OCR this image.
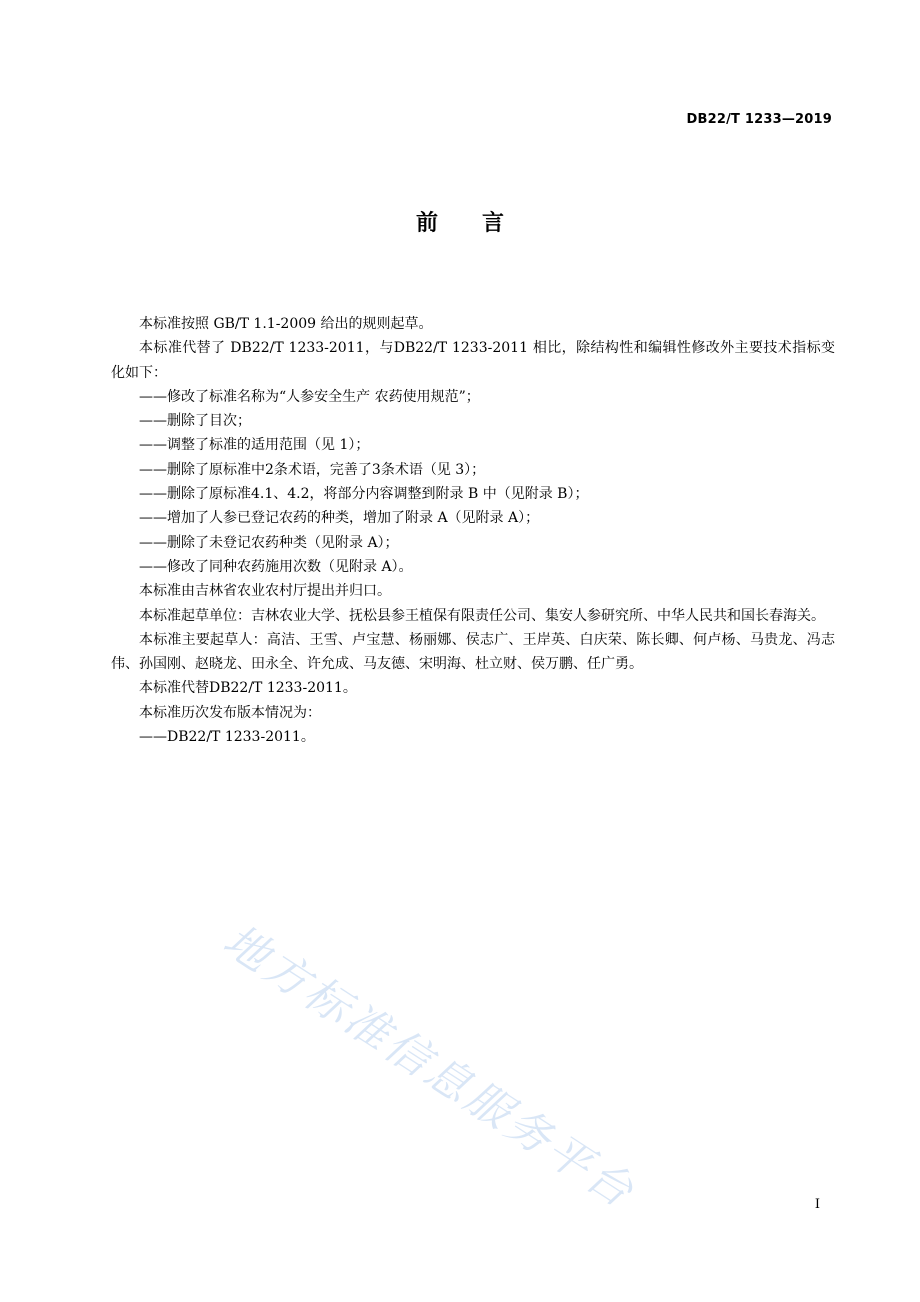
DB22/T 1233—2019
前言

本标准按照 GB/T 1.1-2009 给出的规则起草。

本标准代替了 DB22/T 1233-2011，与DB22/T 1233-2011 相比，除结构性和编辑性修改外主要技术指标变化如下：

——修改了标准名称为“人参安全生产 农药使用规范”；

——删除了目次；

——调整了标准的适用范围（见 1）；

——删除了原标准中2条术语，完善了3条术语（见 3）；

——删除了原标准4.1、4.2，将部分内容调整到附录 B 中（见附录 B）；

——增加了人参已登记农药的种类，增加了附录 A（见附录 A）；

——删除了未登记农药种类（见附录 A）；

——修改了同种农药施用次数（见附录 A）。

本标准由吉林省农业农村厅提出并归口。

本标准起草单位：吉林农业大学、抚松县参王植保有限责任公司、集安人参研究所、中华人民共和国长春海关。

本标准主要起草人：高洁、王雪、卢宝慧、杨丽娜、侯志广、王岸英、白庆荣、陈长卿、何卢杨、马贵龙、冯志伟、孙国刚、赵晓龙、田永全、许允成、马友德、宋明海、杜立财、侯万鹏、任广勇。

本标准代替DB22/T 1233-2011。

本标准历次发布版本情况为：

——DB22/T 1233-2011。

地方标准信息服务平台	I
